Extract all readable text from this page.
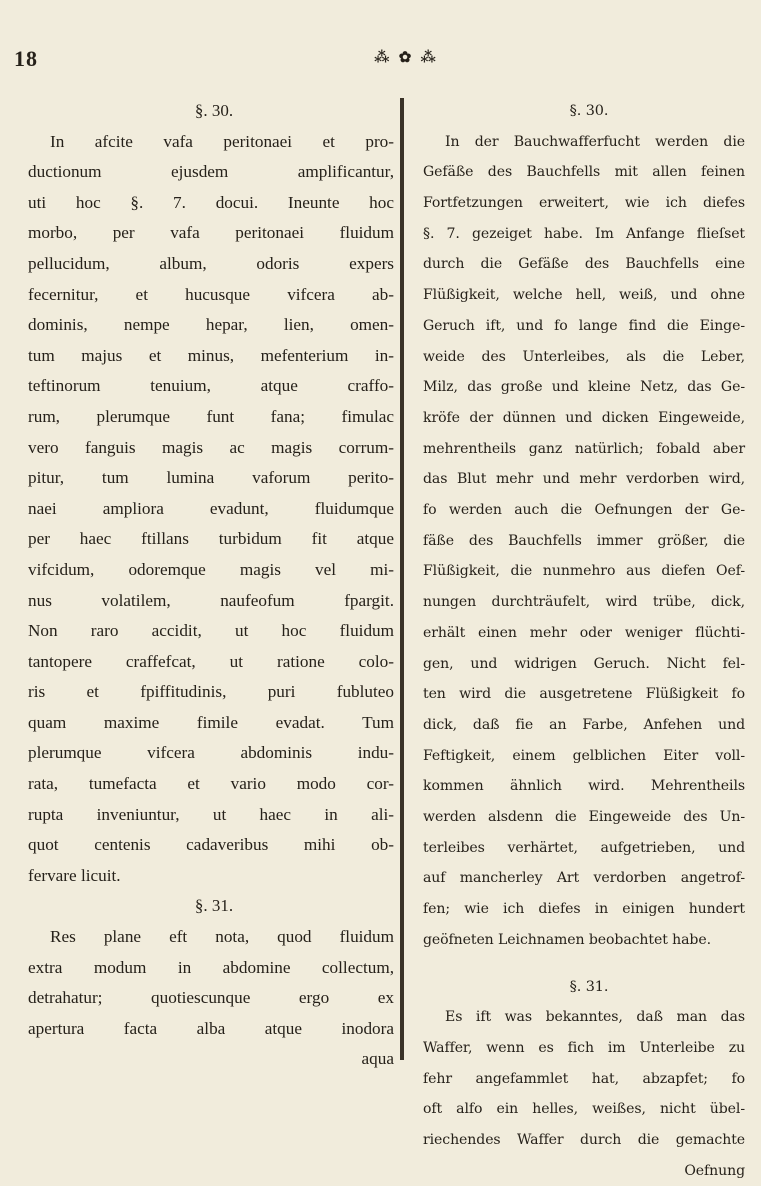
18	⁂ ✿ ⁂
§. 30.
In afcite vafa peritonaei et pro-
ductionum ejusdem amplificantur,
uti hoc §. 7. docui. Ineunte hoc
morbo, per vafa peritonaei fluidum
pellucidum, album, odoris expers
fecernitur, et hucusque vifcera ab-
dominis, nempe hepar, lien, omen-
tum majus et minus, mefenterium in-
teftinorum tenuium, atque craffo-
rum, plerumque funt fana; fimulac
vero fanguis magis ac magis corrum-
pitur, tum lumina vaforum perito-
naei ampliora evadunt, fluidumque
per haec ftillans turbidum fit atque
vifcidum, odoremque magis vel mi-
nus volatilem, naufeofum fpargit.
Non raro accidit, ut hoc fluidum
tantopere craffefcat, ut ratione colo-
ris et fpiffitudinis, puri fubluteo
quam maxime fimile evadat. Tum
plerumque vifcera abdominis indu-
rata, tumefacta et vario modo cor-
rupta inveniuntur, ut haec in ali-
quot centenis cadaveribus mihi ob-
fervare licuit.
§. 31.
Res plane eft nota, quod fluidum
extra modum in abdomine collectum,
detrahatur; quotiescunque ergo ex
apertura facta alba atque inodora
aqua
§. 30.
In der Bauchwafferfucht werden die
Gefäße des Bauchfells mit allen feinen
Fortfetzungen erweitert, wie ich diefes
§. 7. gezeiget habe. Im Anfange flieſset
durch die Gefäße des Bauchfells eine
Flüßigkeit, welche hell, weiß, und ohne
Geruch ift, und fo lange find die Einge-
weide des Unterleibes, als die Leber,
Milz, das große und kleine Netz, das Ge-
kröfe der dünnen und dicken Eingeweide,
mehrentheils ganz natürlich; fobald aber
das Blut mehr und mehr verdorben wird,
fo werden auch die Oefnungen der Ge-
fäße des Bauchfells immer größer, die
Flüßigkeit, die nunmehro aus diefen Oef-
nungen durchträufelt, wird trübe, dick,
erhält einen mehr oder weniger flüchti-
gen, und widrigen Geruch. Nicht fel-
ten wird die ausgetretene Flüßigkeit fo
dick, daß fie an Farbe, Anfehen und
Feftigkeit, einem gelblichen Eiter voll-
kommen ähnlich wird. Mehrentheils
werden alsdenn die Eingeweide des Un-
terleibes verhärtet, aufgetrieben, und
auf mancherley Art verdorben angetrof-
fen; wie ich diefes in einigen hundert
geöfneten Leichnamen beobachtet habe.
§. 31.
Es ift was bekanntes, daß man das
Waffer, wenn es fich im Unterleibe zu
fehr angefammlet hat, abzapfet; fo
oft alfo ein helles, weißes, nicht übel-
riechendes Waffer durch die gemachte
Oefnung
